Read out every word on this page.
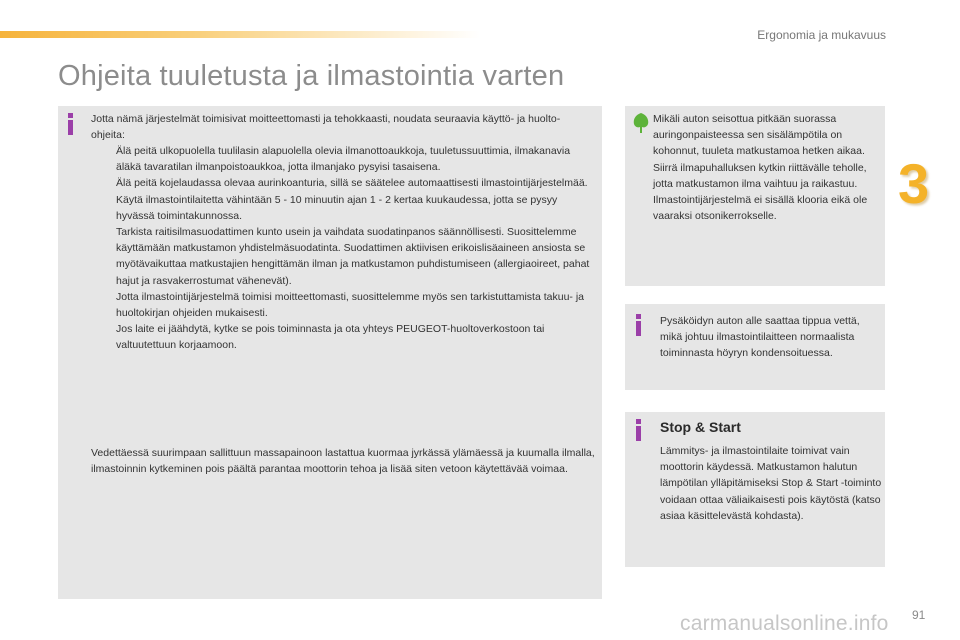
Ergonomia ja mukavuus
Ohjeita tuuletusta ja ilmastointia varten
3

Jotta nämä järjestelmät toimisivat moitteettomasti ja tehokkaasti, noudata seuraavia käyttö- ja huolto-ohjeita:

Älä peitä ulkopuolella tuulilasin alapuolella olevia ilmanottoaukkoja, tuuletussuuttimia, ilmakanavia äläkä tavaratilan ilmanpoistoaukkoa, jotta ilmanjako pysyisi tasaisena.
Älä peitä kojelaudassa olevaa aurinkoanturia, sillä se säätelee automaattisesti ilmastointijärjestelmää.
Käytä ilmastointilaitetta vähintään 5 - 10 minuutin ajan 1 - 2 kertaa kuukaudessa, jotta se pysyy hyvässä toimintakunnossa.
Tarkista raitisilmasuodattimen kunto usein ja vaihdata suodatinpanos säännöllisesti. Suosittelemme käyttämään matkustamon yhdistelmäsuodatinta. Suodattimen aktiivisen erikoislisäaineen ansiosta se myötävaikuttaa matkustajien hengittämän ilman ja matkustamon puhdistumiseen (allergiaoireet, pahat hajut ja rasvakerrostumat vähenevät).
Jotta ilmastointijärjestelmä toimisi moitteettomasti, suosittelemme myös sen tarkistuttamista takuu- ja huoltokirjan ohjeiden mukaisesti.
Jos laite ei jäähdytä, kytke se pois toiminnasta ja ota yhteys PEUGEOT-huoltoverkostoon tai valtuutettuun korjaamoon.

Vedettäessä suurimpaan sallittuun massapainoon lastattua kuormaa jyrkässä ylämäessä ja kuumalla ilmalla, ilmastoinnin kytkeminen pois päältä parantaa moottorin tehoa ja lisää siten vetoon käytettävää voimaa.

Mikäli auton seisottua pitkään suorassa auringonpaisteessa sen sisälämpötila on kohonnut, tuuleta matkustamoa hetken aikaa.

Siirrä ilmapuhalluksen kytkin riittävälle teholle, jotta matkustamon ilma vaihtuu ja raikastuu.

Ilmastointijärjestelmä ei sisällä klooria eikä ole vaaraksi otsonikerrokselle.

Pysäköidyn auton alle saattaa tippua vettä, mikä johtuu ilmastointilaitteen normaalista toiminnasta höyryn kondensoituessa.

Stop & Start

Lämmitys- ja ilmastointilaite toimivat vain moottorin käydessä. Matkustamon halutun lämpötilan ylläpitämiseksi Stop & Start -toiminto voidaan ottaa väliaikaisesti pois käytöstä (katso asiaa käsittelevästä kohdasta).

carmanualsonline.info 91
